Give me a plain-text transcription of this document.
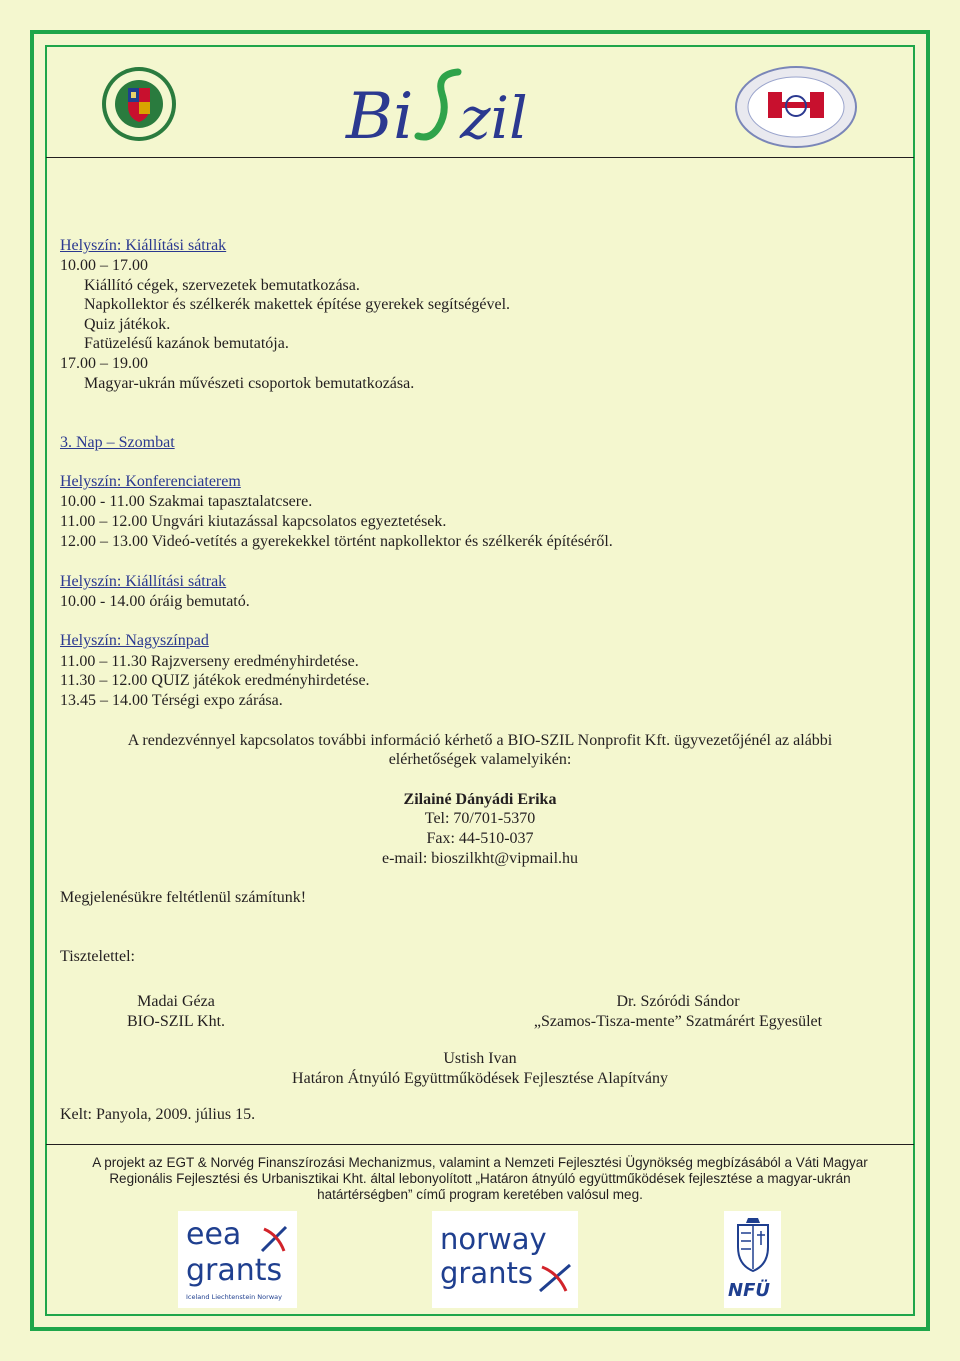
Bi zil
Helyszín: Kiállítási sátrak
10.00 – 17.00
Kiállító cégek, szervezetek bemutatkozása.
Napkollektor és szélkerék makettek építése gyerekek segítségével.
Quiz játékok.
Fatüzelésű kazánok bemutatója.
17.00 – 19.00
Magyar-ukrán művészeti csoportok bemutatkozása.
3. Nap – Szombat
Helyszín: Konferenciaterem
10.00 - 11.00 Szakmai tapasztalatcsere.
11.00 – 12.00 Ungvári kiutazással kapcsolatos egyeztetések.
12.00 – 13.00 Videó-vetítés a gyerekekkel történt napkollektor és szélkerék építéséről.
Helyszín: Kiállítási sátrak
10.00 - 14.00 óráig bemutató.
Helyszín: Nagyszínpad
11.00 – 11.30 Rajzverseny eredményhirdetése.
11.30 – 12.00 QUIZ játékok eredményhirdetése.
13.45 – 14.00 Térségi expo zárása.
A rendezvénnyel kapcsolatos további információ kérhető a BIO-SZIL Nonprofit Kft. ügyvezetőjénél az alábbi
elérhetőségek valamelyikén:
Zilainé Dányádi Erika
Tel: 70/701-5370
Fax: 44-510-037
e-mail: bioszilkht@vipmail.hu
Megjelenésükre feltétlenül számítunk!
Tisztelettel:
Madai Géza
BIO-SZIL Kht.
Dr. Szóródi Sándor
„Szamos-Tisza-mente” Szatmárért Egyesület
Ustish Ivan
Határon Átnyúló Együttműködések Fejlesztése Alapítvány
Kelt: Panyola, 2009. július 15.
A projekt az EGT & Norvég Finanszírozási Mechanizmus, valamint a Nemzeti Fejlesztési Ügynökség megbízásából a Váti Magyar
Regionális Fejlesztési és Urbanisztikai Kht. által lebonyolított „Határon átnyúló együttműködések fejlesztése a magyar-ukrán
határtérségben” című program keretében valósul meg.
eea
grants
Iceland Liechtenstein Norway
norway
grants
NFÜ
